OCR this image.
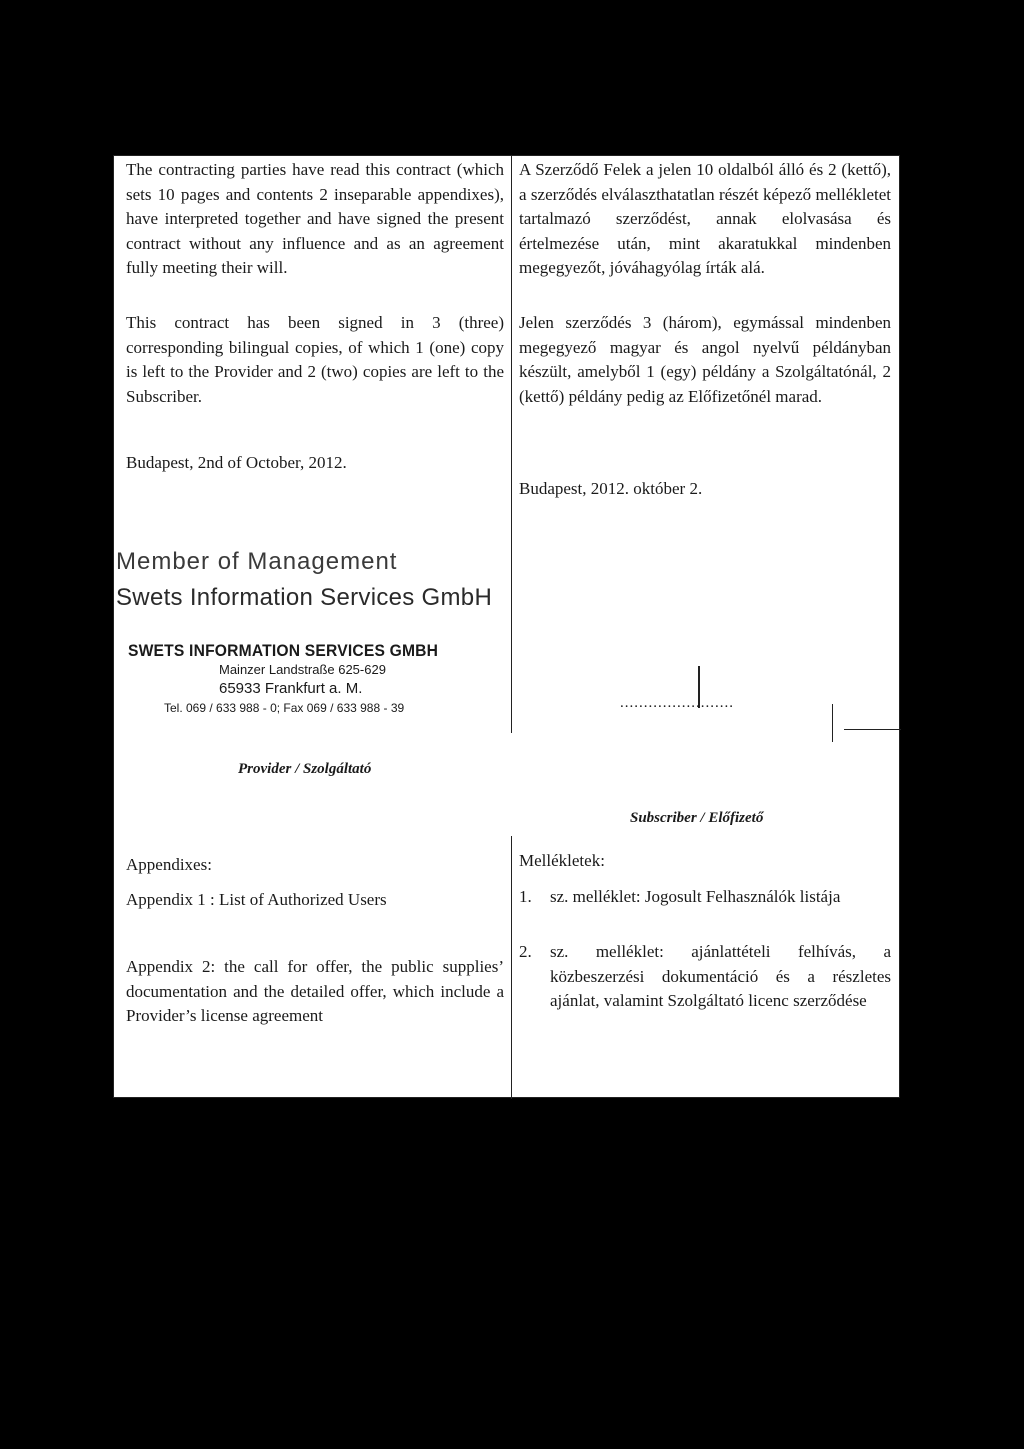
The contracting parties have read this contract (which sets 10 pages and contents 2 inseparable appendixes), have interpreted together and have signed the present contract without any influence and as an agreement fully meeting their will.

A Szerződő Felek a jelen 10 oldalból álló és 2 (kettő), a szerződés elválaszthatatlan részét képező mellékletet tartalmazó szerződést, annak elolvasása és értelmezése után, mint akaratukkal mindenben megegyezőt, jóváhagyólag írták alá.

This contract has been signed in 3 (three) corresponding bilingual copies, of which 1 (one) copy is left to the Provider and 2 (two) copies are left to the Subscriber.

Jelen szerződés 3 (három), egymással mindenben megegyező magyar és angol nyelvű példányban készült, amelyből 1 (egy) példány a Szolgáltatónál, 2 (kettő) példány pedig az Előfizetőnél marad.

Budapest, 2nd of October, 2012.

Budapest, 2012. október 2.

Member of Management
Swets Information Services GmbH
SWETS INFORMATION SERVICES GMBH
Mainzer Landstraße 625-629
65933 Frankfurt a. M.
Tel. 069 / 633 988 - 0; Fax 069 / 633 988 - 39	........................
Provider / Szolgáltató
Subscriber / Előfizető

Appendixes:

Appendix 1 : List of Authorized Users

Appendix 2: the call for offer, the public supplies’ documentation and the detailed offer, which include a Provider’s license agreement

Mellékletek:

1. sz. melléklet: Jogosult Felhasználók listája

2. sz. melléklet: ajánlattételi felhívás, a közbeszerzési dokumentáció és a részletes ajánlat, valamint Szolgáltató licenc szerződése
